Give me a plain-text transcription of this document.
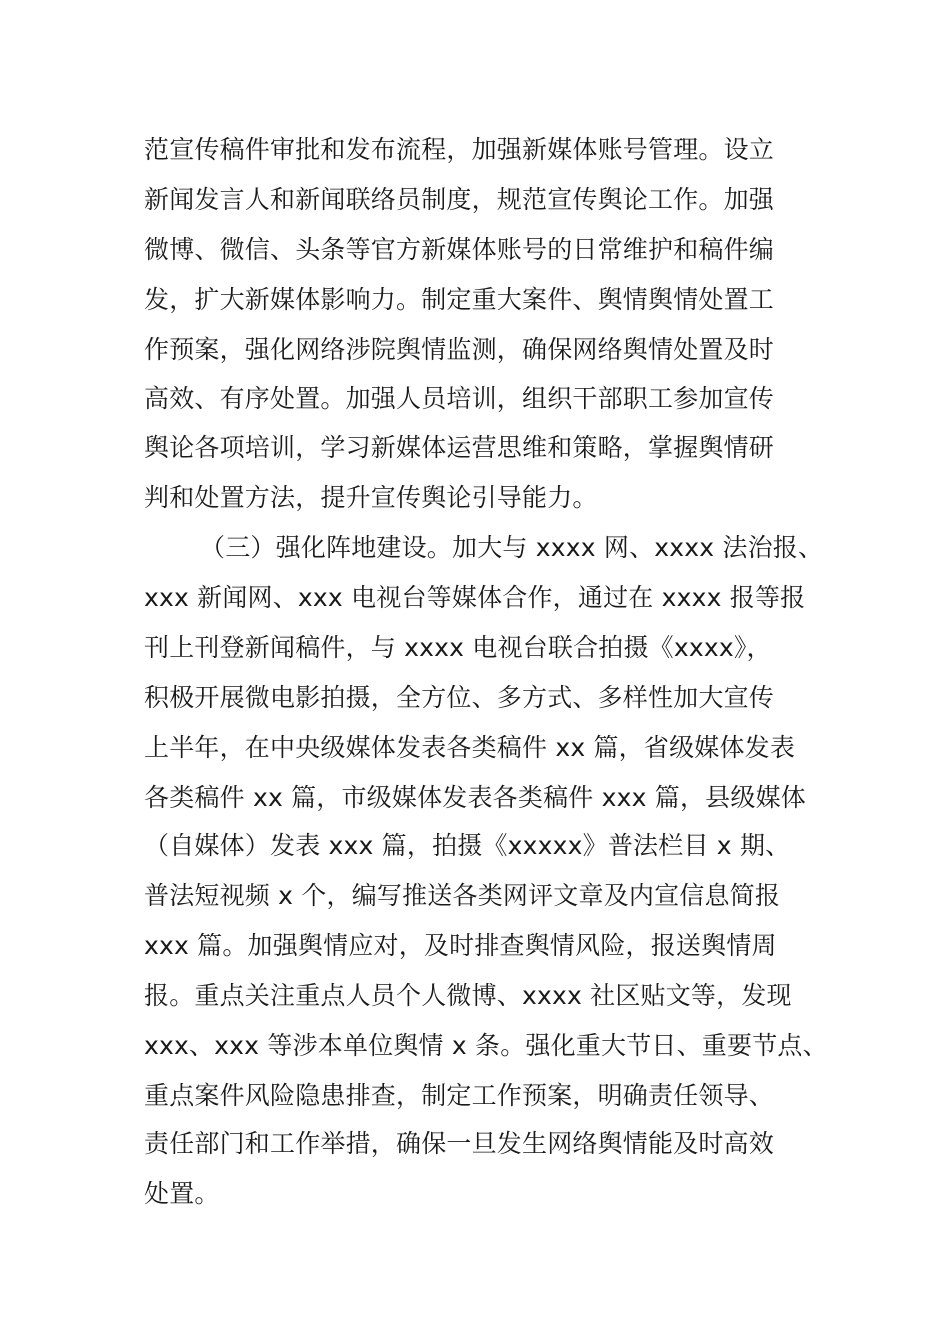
范宣传稿件审批和发布流程，加强新媒体账号管理。设立
新闻发言人和新闻联络员制度，规范宣传舆论工作。加强
微博、微信、头条等官方新媒体账号的日常维护和稿件编
发，扩大新媒体影响力。制定重大案件、舆情舆情处置工
作预案，强化网络涉院舆情监测，确保网络舆情处置及时
高效、有序处置。加强人员培训，组织干部职工参加宣传
舆论各项培训，学习新媒体运营思维和策略，掌握舆情研
判和处置方法，提升宣传舆论引导能力。
（三）强化阵地建设。加大与 xxxx 网、xxxx 法治报、
xxx 新闻网、xxx 电视台等媒体合作，通过在 xxxx 报等报
刊上刊登新闻稿件，与 xxxx 电视台联合拍摄《xxxx》，
积极开展微电影拍摄，全方位、多方式、多样性加大宣传
上半年，在中央级媒体发表各类稿件 xx 篇，省级媒体发表
各类稿件 xx 篇，市级媒体发表各类稿件 xxx 篇，县级媒体
（自媒体）发表 xxx 篇，拍摄《xxxxx》普法栏目 x 期、
普法短视频 x 个，编写推送各类网评文章及内宣信息简报
xxx 篇。加强舆情应对，及时排查舆情风险，报送舆情周
报。重点关注重点人员个人微博、xxxx 社区贴文等，发现
xxx、xxx 等涉本单位舆情 x 条。强化重大节日、重要节点、
重点案件风险隐患排查，制定工作预案，明确责任领导、
责任部门和工作举措，确保一旦发生网络舆情能及时高效
处置。
